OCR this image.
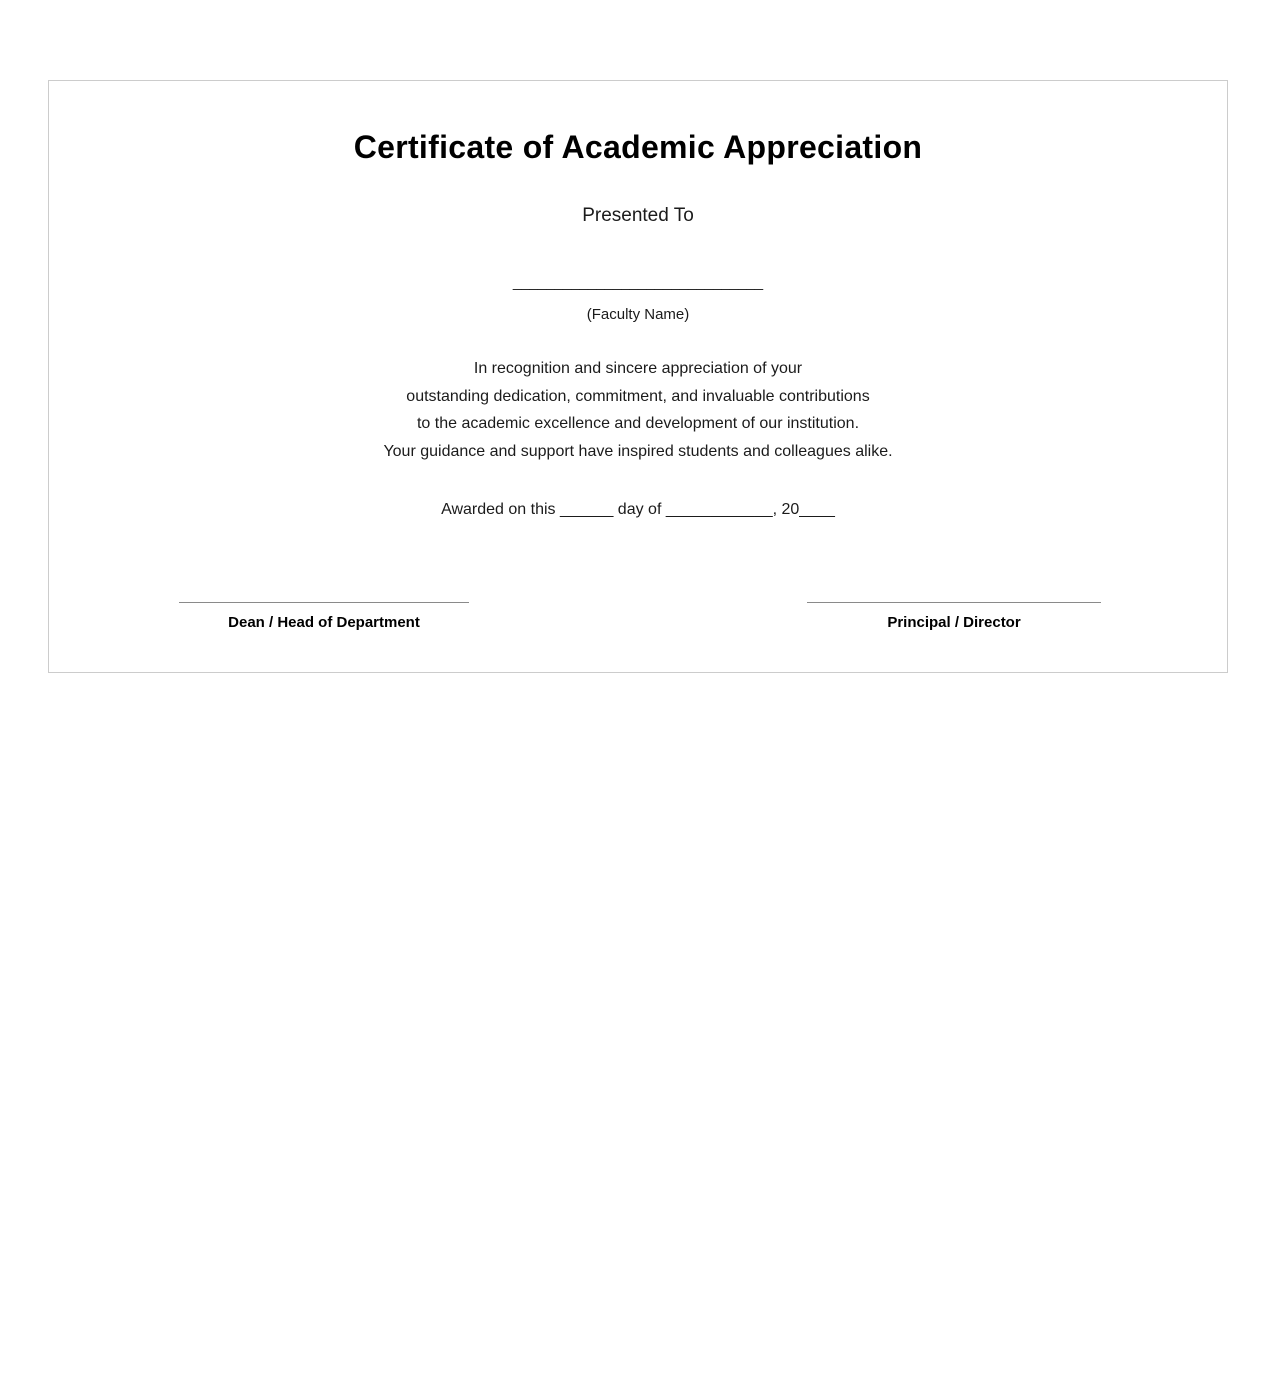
Certificate of Academic Appreciation
Presented To
______________________________
(Faculty Name)
In recognition and sincere appreciation of your
outstanding dedication, commitment, and invaluable contributions
to the academic excellence and development of our institution.
Your guidance and support have inspired students and colleagues alike.
Awarded on this ______ day of ____________, 20____
Dean / Head of Department	Principal / Director
